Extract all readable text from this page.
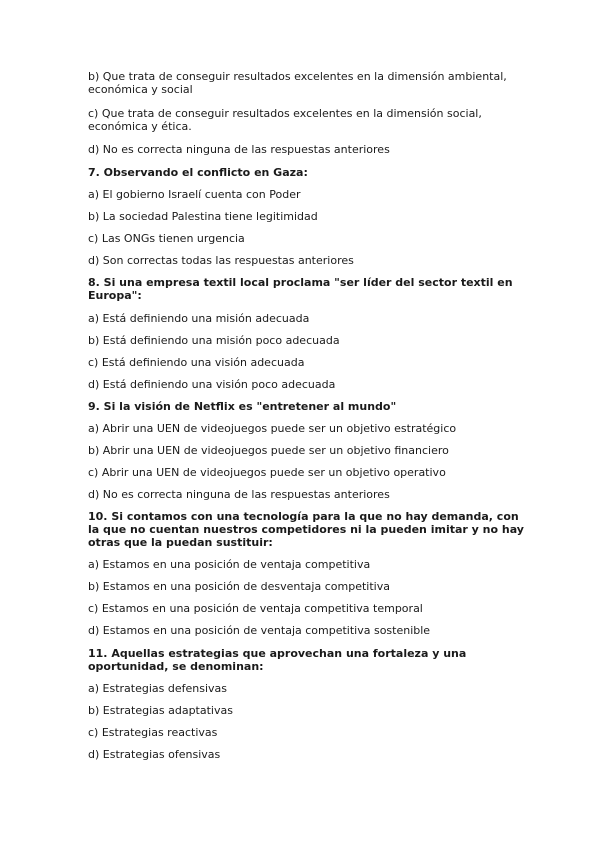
b) Que trata de conseguir resultados excelentes en la dimensión ambiental, económica y social
c) Que trata de conseguir resultados excelentes en la dimensión social, económica y ética.
d) No es correcta ninguna de las respuestas anteriores
7. Observando el conflicto en Gaza:
a) El gobierno Israelí cuenta con Poder
b) La sociedad Palestina tiene legitimidad
c) Las ONGs tienen urgencia
d) Son correctas todas las respuestas anteriores
8. Si una empresa textil local proclama "ser líder del sector textil en Europa":
a) Está definiendo una misión adecuada
b) Está definiendo una misión poco adecuada
c) Está definiendo una visión adecuada
d) Está definiendo una visión poco adecuada
9. Si la visión de Netflix es "entretener al mundo"
a) Abrir una UEN de videojuegos puede ser un objetivo estratégico
b) Abrir una UEN de videojuegos puede ser un objetivo financiero
c) Abrir una UEN de videojuegos puede ser un objetivo operativo
d) No es correcta ninguna de las respuestas anteriores
10. Si contamos con una tecnología para la que no hay demanda, con la que no cuentan nuestros competidores ni la pueden imitar y no hay otras que la puedan sustituir:
a) Estamos en una posición de ventaja competitiva
b) Estamos en una posición de desventaja competitiva
c) Estamos en una posición de ventaja competitiva temporal
d) Estamos en una posición de ventaja competitiva sostenible
11. Aquellas estrategias que aprovechan una fortaleza y una oportunidad, se denominan:
a) Estrategias defensivas
b) Estrategias adaptativas
c) Estrategias reactivas
d) Estrategias ofensivas
